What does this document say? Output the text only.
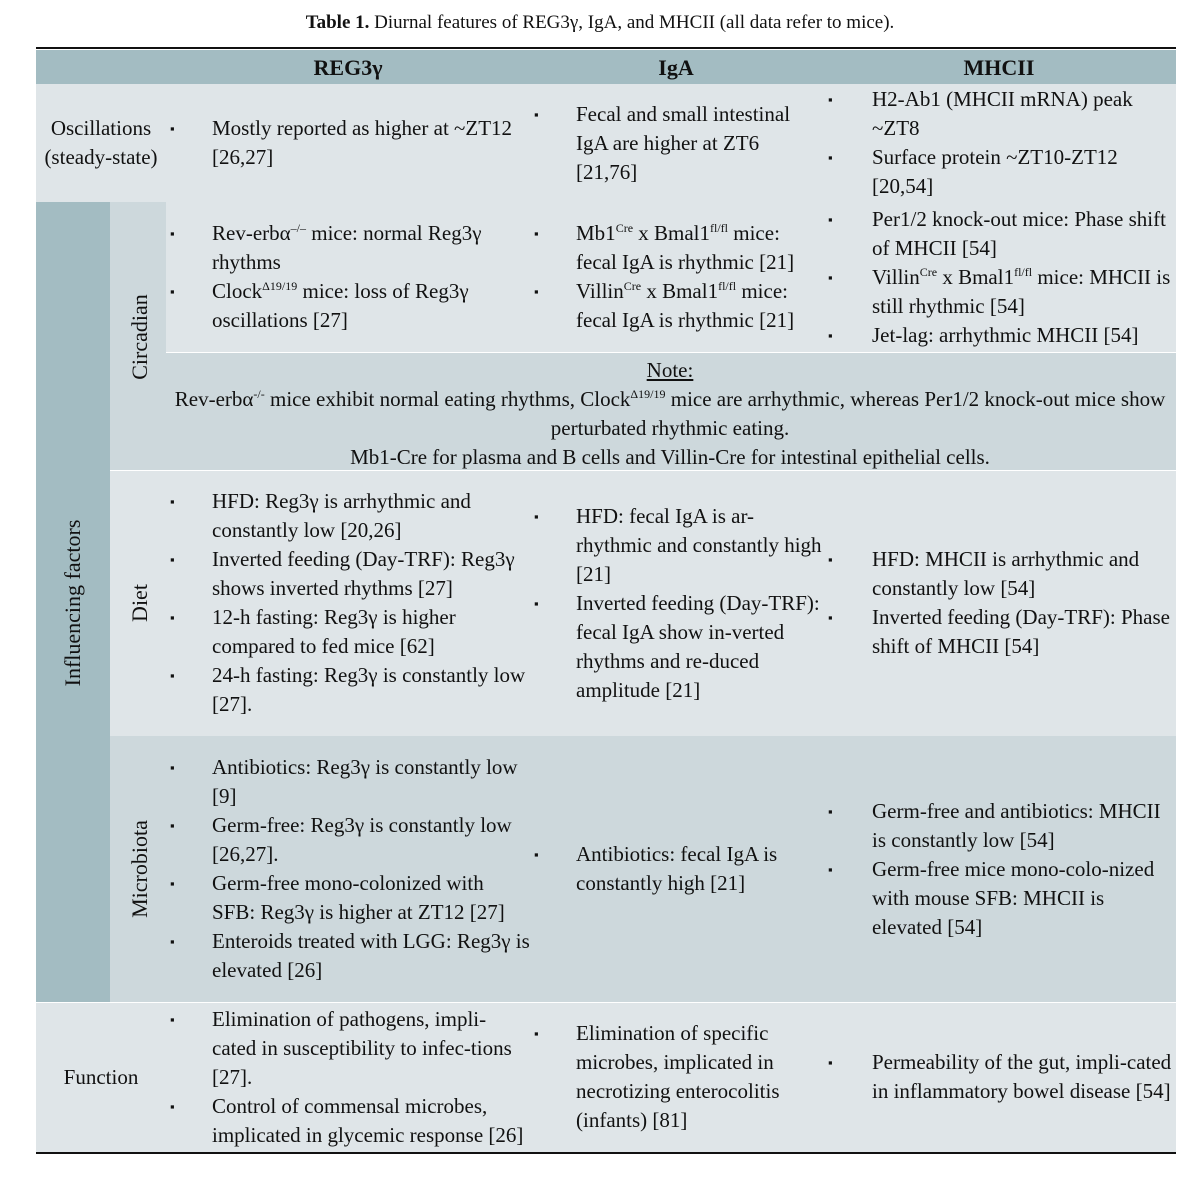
Table 1. Diurnal features of REG3γ, IgA, and MHCII (all data refer to mice).
REG3γ	IgA	MHCII
Oscillations (steady-state)
▪ Mostly reported as higher at ~ZT12 [26,27]
▪ Fecal and small intestinal IgA are higher at ZT6 [21,76]
▪ H2-Ab1 (MHCII mRNA) peak ~ZT8
▪ Surface protein ~ZT10-ZT12 [20,54]
Influencing factors
Circadian
▪ Rev-erbα–/– mice: normal Reg3γ rhythms
▪ Clock$^{\Delta 19/19}$ mice: loss of Reg3γ oscillations [27]
▪ $Mb1^{Cre}$ x $Bmal1^{fl/fl}$ mice: fecal IgA is rhythmic [21]
▪ Villin$^{Cre}$ x $Bmal1^{fl/fl}$ mice: fecal IgA is rhythmic [21]
▪ Per1/2 knock-out mice: Phase shift of MHCII [54]
▪ Villin$^{Cre}$ x $Bmal1^{fl/fl}$ mice: MHCII is still rhythmic [54]
▪ Jet-lag: arrhythmic MHCII [54]
Note:
Rev-erbα-/- mice exhibit normal eating rhythms, Clock$^{\Delta 19/19}$ mice are arrhythmic, whereas Per1/2 knock-out mice show perturbated rhythmic eating.
Mb1-Cre for plasma and B cells and Villin-Cre for intestinal epithelial cells.
Diet
▪ HFD: Reg3γ is arrhythmic and constantly low [20,26]
▪ Inverted feeding (Day-TRF): Reg3γ shows inverted rhythms [27]
▪ 12-h fasting: Reg3γ is higher compared to fed mice [62]
▪ 24-h fasting: Reg3γ is constantly low [27].
▪ HFD: fecal IgA is ar-rhythmic and constantly high [21]
▪ Inverted feeding (Day-TRF): fecal IgA show in-verted rhythms and re-duced amplitude [21]
▪ HFD: MHCII is arrhythmic and constantly low [54]
▪ Inverted feeding (Day-TRF): Phase shift of MHCII [54]
Microbiota
▪ Antibiotics: Reg3γ is constantly low [9]
▪ Germ-free: Reg3γ is constantly low [26,27].
▪ Germ-free mono-colonized with SFB: Reg3γ is higher at ZT12 [27]
▪ Enteroids treated with LGG: Reg3γ is elevated [26]
▪ Antibiotics: fecal IgA is constantly high [21]
▪ Germ-free and antibiotics: MHCII is constantly low [54]
▪ Germ-free mice mono-colo-nized with mouse SFB: MHCII is elevated [54]
Function
▪ Elimination of pathogens, impli-cated in susceptibility to infec-tions [27].
▪ Control of commensal microbes, implicated in glycemic response [26]
▪ Elimination of specific microbes, implicated in necrotizing enterocolitis (infants) [81]
▪ Permeability of the gut, impli-cated in inflammatory bowel disease [54]
